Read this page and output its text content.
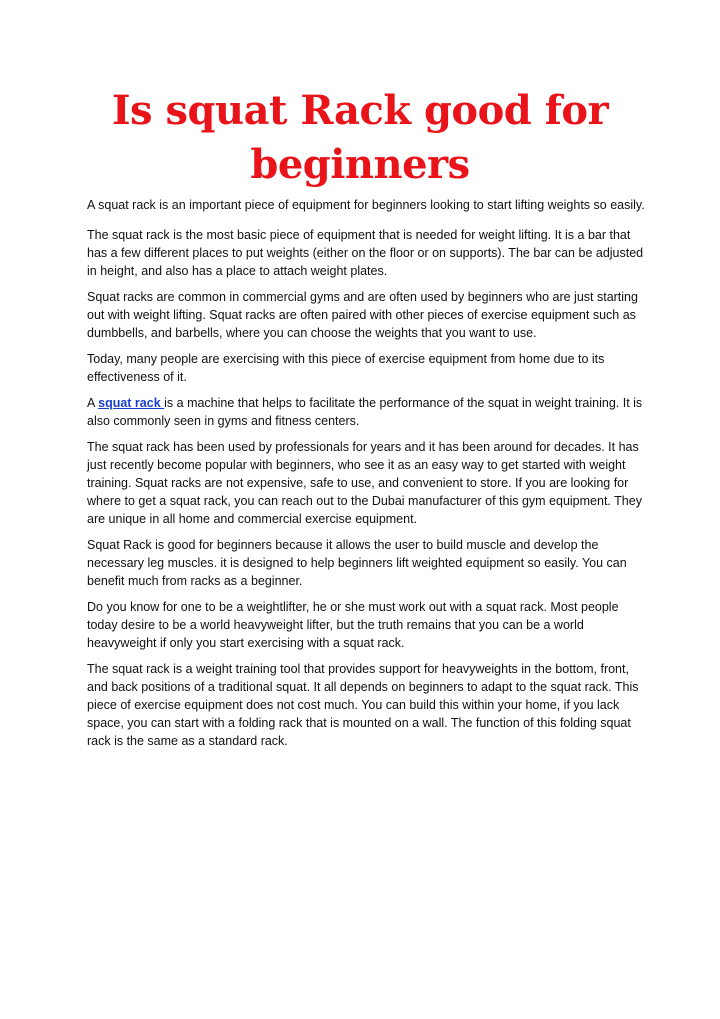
Is squat Rack good for beginners

A squat rack is an important piece of equipment for beginners looking to start lifting weights so easily.

The squat rack is the most basic piece of equipment that is needed for weight lifting. It is a bar that has a few different places to put weights (either on the floor or on supports). The bar can be adjusted in height, and also has a place to attach weight plates.

Squat racks are common in commercial gyms and are often used by beginners who are just starting out with weight lifting. Squat racks are often paired with other pieces of exercise equipment such as dumbbells, and barbells, where you can choose the weights that you want to use.

Today, many people are exercising with this piece of exercise equipment from home due to its effectiveness of it.

A squat rack is a machine that helps to facilitate the performance of the squat in weight training. It is also commonly seen in gyms and fitness centers.

The squat rack has been used by professionals for years and it has been around for decades. It has just recently become popular with beginners, who see it as an easy way to get started with weight training. Squat racks are not expensive, safe to use, and convenient to store. If you are looking for where to get a squat rack, you can reach out to the Dubai manufacturer of this gym equipment. They are unique in all home and commercial exercise equipment.

Squat Rack is good for beginners because it allows the user to build muscle and develop the necessary leg muscles. it is designed to help beginners lift weighted equipment so easily. You can benefit much from racks as a beginner.

Do you know for one to be a weightlifter, he or she must work out with a squat rack. Most people today desire to be a world heavyweight lifter, but the truth remains that you can be a world heavyweight if only you start exercising with a squat rack.

The squat rack is a weight training tool that provides support for heavyweights in the bottom, front, and back positions of a traditional squat. It all depends on beginners to adapt to the squat rack. This piece of exercise equipment does not cost much. You can build this within your home, if you lack space, you can start with a folding rack that is mounted on a wall. The function of this folding squat rack is the same as a standard rack.
